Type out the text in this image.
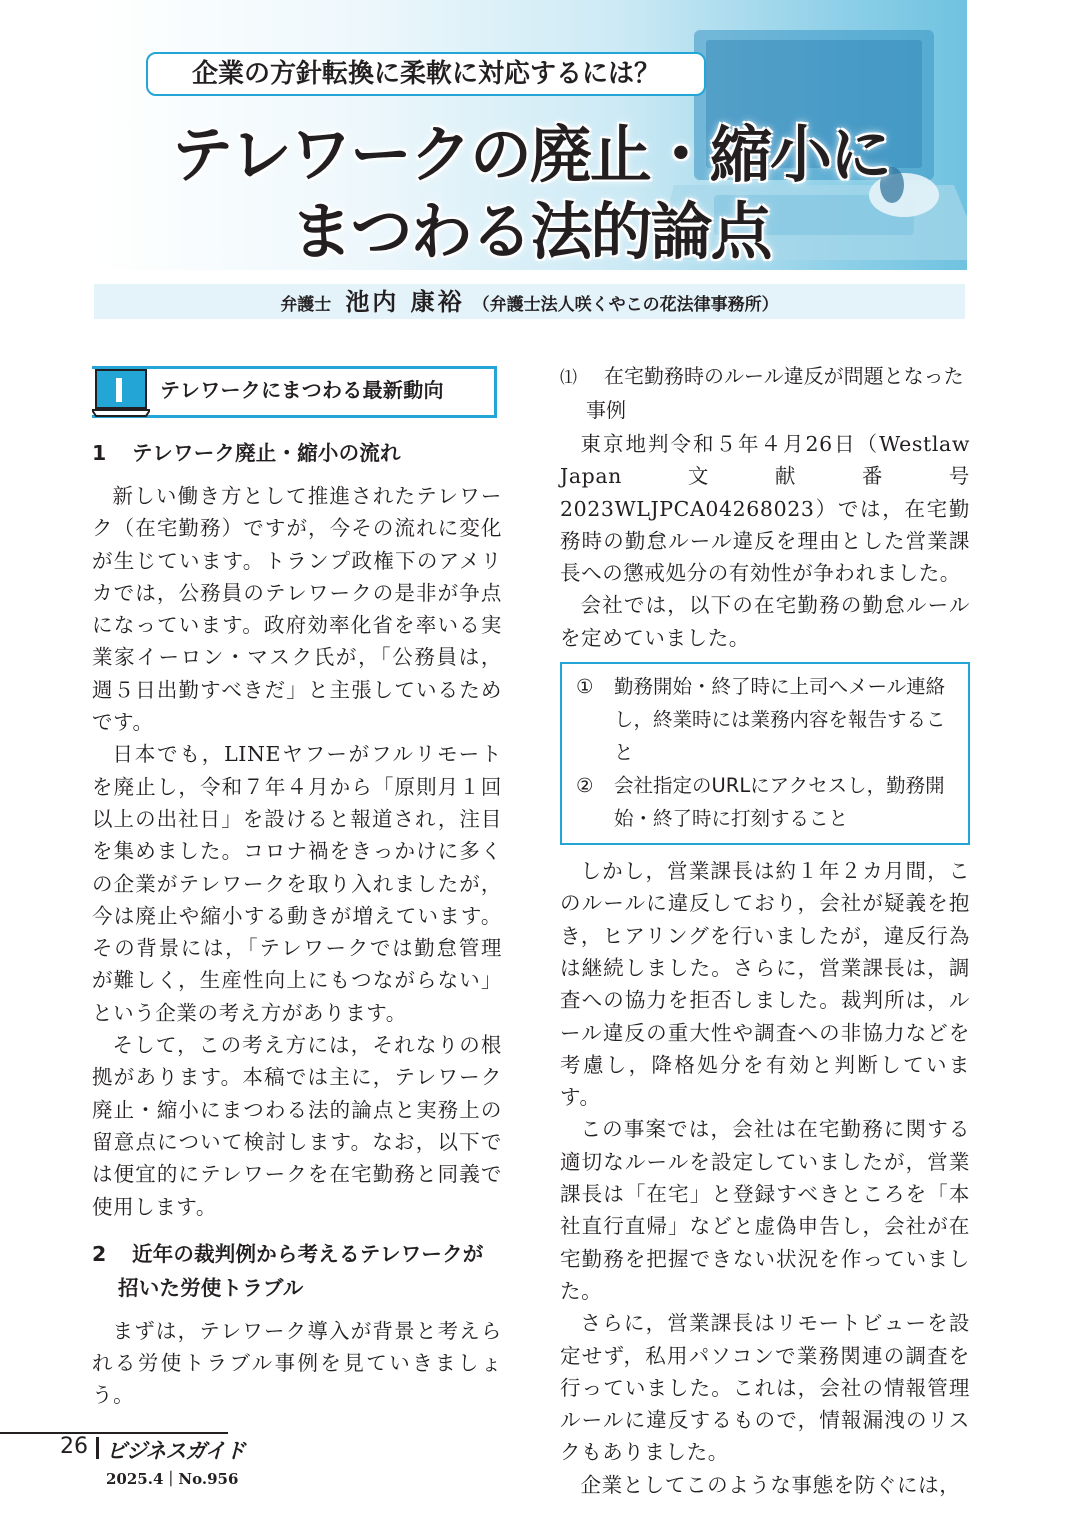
企業の方針転換に柔軟に対応するには？
テレワークの廃止・縮小に
まつわる法的論点
弁護士 池内 康裕 （弁護士法人咲くやこの花法律事務所）
テレワークにまつわる最新動向
1 テレワーク廃止・縮小の流れ

新しい働き方として推進されたテレワーク（在宅勤務）ですが，今その流れに変化が生じています。トランプ政権下のアメリカでは，公務員のテレワークの是非が争点になっています。政府効率化省を率いる実業家イーロン・マスク氏が，「公務員は，週５日出勤すべきだ」と主張しているためです。

日本でも，LINEヤフーがフルリモートを廃止し，令和７年４月から「原則月１回以上の出社日」を設けると報道され，注目を集めました。コロナ禍をきっかけに多くの企業がテレワークを取り入れましたが，今は廃止や縮小する動きが増えています。その背景には，「テレワークでは勤怠管理が難しく，生産性向上にもつながらない」という企業の考え方があります。

そして，この考え方には，それなりの根拠があります。本稿では主に，テレワーク廃止・縮小にまつわる法的論点と実務上の留意点について検討します。なお，以下では便宜的にテレワークを在宅勤務と同義で使用します。

2 近年の裁判例から考えるテレワークが招いた労使トラブル

まずは，テレワーク導入が背景と考えられる労使トラブル事例を見ていきましょう。

⑴ 在宅勤務時のルール違反が問題となった事例

東京地判令和５年４月26日（Westlaw Japan文献番号2023WLJPCA04268023）では，在宅勤務時の勤怠ルール違反を理由とした営業課長への懲戒処分の有効性が争われました。

会社では，以下の在宅勤務の勤怠ルールを定めていました。

① 勤務開始・終了時に上司へメール連絡し，終業時には業務内容を報告すること
② 会社指定のURLにアクセスし，勤務開始・終了時に打刻すること

しかし，営業課長は約１年２カ月間，このルールに違反しており，会社が疑義を抱き，ヒアリングを行いましたが，違反行為は継続しました。さらに，営業課長は，調査への協力を拒否しました。裁判所は，ルール違反の重大性や調査への非協力などを考慮し，降格処分を有効と判断しています。

この事案では，会社は在宅勤務に関する適切なルールを設定していましたが，営業課長は「在宅」と登録すべきところを「本社直行直帰」などと虚偽申告し，会社が在宅勤務を把握できない状況を作っていました。

さらに，営業課長はリモートビューを設定せず，私用パソコンで業務関連の調査を行っていました。これは，会社の情報管理ルールに違反するもので，情報漏洩のリスクもありました。

企業としてこのような事態を防ぐには，

26 ビジネスガイド
2025.4｜No.956
